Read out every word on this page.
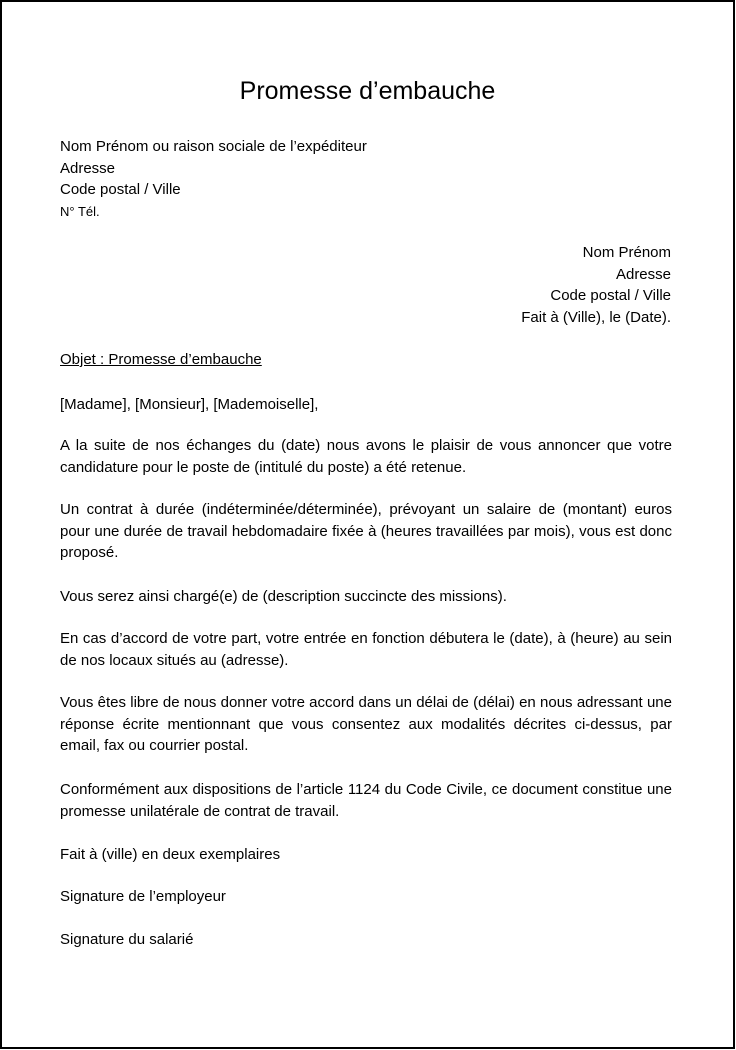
Promesse d’embauche
Nom Prénom ou raison sociale de l’expéditeur
Adresse
Code postal / Ville
N° Tél.
Nom Prénom
Adresse
Code postal / Ville
Fait à (Ville), le (Date).
Objet : Promesse d’embauche

[Madame], [Monsieur], [Mademoiselle],

A la suite de nos échanges du (date) nous avons le plaisir de vous annoncer que votre candidature pour le poste de (intitulé du poste) a été retenue.

Un contrat à durée (indéterminée/déterminée), prévoyant un salaire de (montant) euros pour une durée de travail hebdomadaire fixée à (heures travaillées par mois), vous est donc proposé.

Vous serez ainsi chargé(e) de (description succincte des missions).

En cas d’accord de votre part, votre entrée en fonction débutera le (date), à (heure) au sein de nos locaux situés au (adresse).

Vous êtes libre de nous donner votre accord dans un délai de (délai) en nous adressant une réponse écrite mentionnant que vous consentez aux modalités décrites ci-dessus, par email, fax ou courrier postal.

Conformément aux dispositions de l’article 1124 du Code Civile, ce document constitue une promesse unilatérale de contrat de travail.

Fait à (ville) en deux exemplaires

Signature de l’employeur

Signature du salarié
